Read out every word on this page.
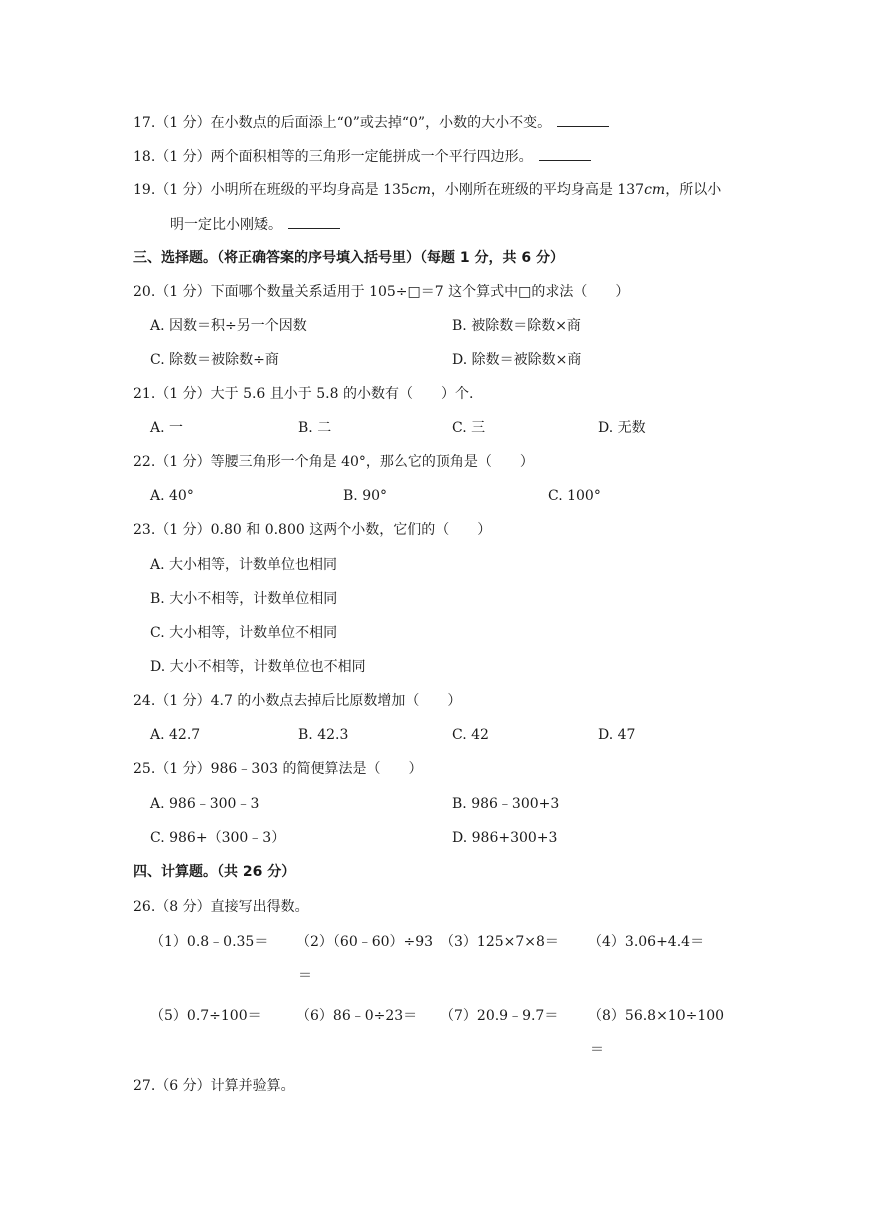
17.（1 分）在小数点的后面添上“0”或去掉“0”，小数的大小不变。
18.（1 分）两个面积相等的三角形一定能拼成一个平行四边形。
19.（1 分）小明所在班级的平均身高是 135cm，小刚所在班级的平均身高是 137cm，所以小
明一定比小刚矮。
三、选择题。（将正确答案的序号填入括号里）（每题 1 分，共 6 分）
20.（1 分）下面哪个数量关系适用于 105÷□＝7 这个算式中□的求法（　　）
A. 因数＝积÷另一个因数	B. 被除数＝除数×商
C. 除数＝被除数÷商	D. 除数＝被除数×商
21.（1 分）大于 5.6 且小于 5.8 的小数有（　　）个.
A. 一	B. 二	C. 三	D. 无数
22.（1 分）等腰三角形一个角是 40°，那么它的顶角是（　　）
A. 40°	B. 90°	C. 100°
23.（1 分）0.80 和 0.800 这两个小数，它们的（　　）
A. 大小相等，计数单位也相同
B. 大小不相等，计数单位相同
C. 大小相等，计数单位不相同
D. 大小不相等，计数单位也不相同
24.（1 分）4.7 的小数点去掉后比原数增加（　　）
A. 42.7	B. 42.3	C. 42	D. 47
25.（1 分）986﹣303 的简便算法是（　　）
A. 986﹣300﹣3	B. 986﹣300+3
C. 986+（300﹣3）	D. 986+300+3
四、计算题。（共 26 分）
26.（8 分）直接写出得数。
（1）0.8﹣0.35＝ （2）（60﹣60）÷93 （3）125×7×8＝ （4）3.06+4.4＝
＝
（5）0.7÷100＝ （6）86﹣0÷23＝ （7）20.9﹣9.7＝ （8）56.8×10÷100
＝
27.（6 分）计算并验算。
